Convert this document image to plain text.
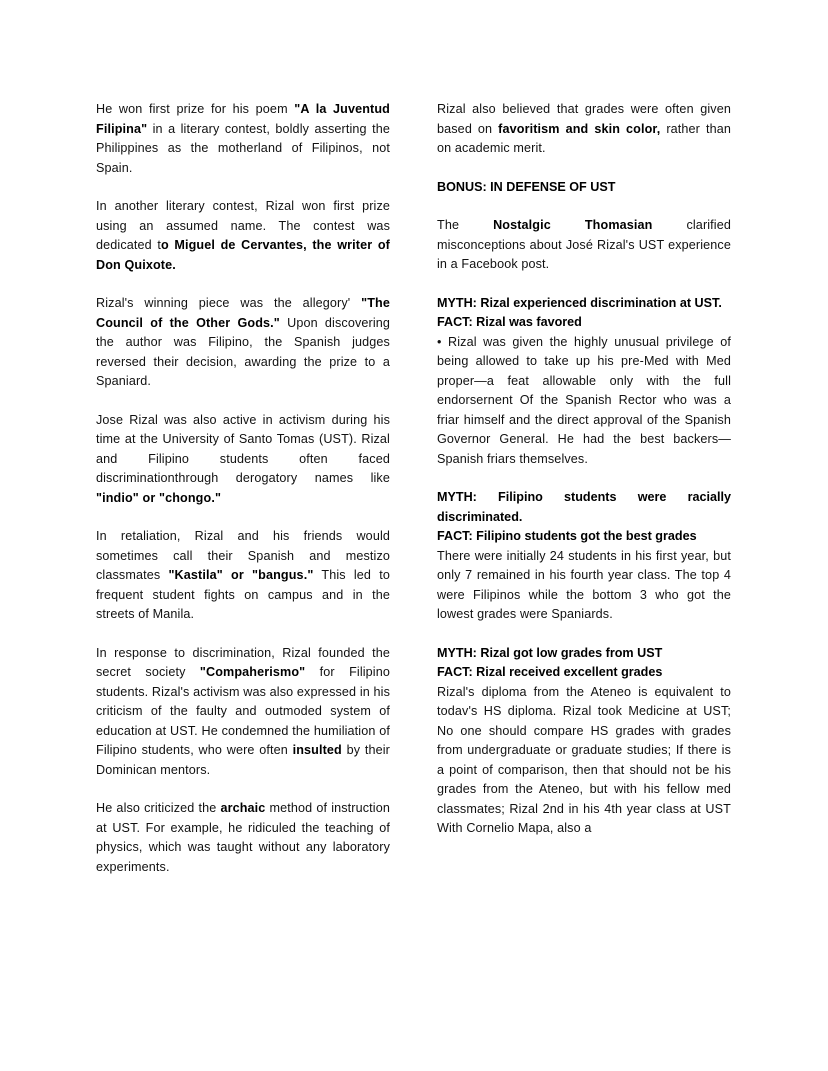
He won first prize for his poem "A la Juventud Filipina" in a literary contest, boldly asserting the Philippines as the motherland of Filipinos, not Spain.

In another literary contest, Rizal won first prize using an assumed name. The contest was dedicated to Miguel de Cervantes, the writer of Don Quixote.

Rizal's winning piece was the allegory' "The Council of the Other Gods." Upon discovering the author was Filipino, the Spanish judges reversed their decision, awarding the prize to a Spaniard.

Jose Rizal was also active in activism during his time at the University of Santo Tomas (UST). Rizal and Filipino students often faced discriminationthrough derogatory names like "indio" or "chongo."

In retaliation, Rizal and his friends would sometimes call their Spanish and mestizo classmates "Kastila" or "bangus." This led to frequent student fights on campus and in the streets of Manila.

In response to discrimination, Rizal founded the secret society "Compaherismo" for Filipino students. Rizal's activism was also expressed in his criticism of the faulty and outmoded system of education at UST. He condemned the humiliation of Filipino students, who were often insulted by their Dominican mentors.

He also criticized the archaic method of instruction at UST. For example, he ridiculed the teaching of physics, which was taught without any laboratory experiments.

Rizal also believed that grades were often given based on favoritism and skin color, rather than on academic merit.

BONUS: IN DEFENSE OF UST

The Nostalgic Thomasian clarified misconceptions about José Rizal's UST experience in a Facebook post.

MYTH: Rizal experienced discrimination at UST.
FACT: Rizal was favored

• Rizal was given the highly unusual privilege of being allowed to take up his pre-Med with Med proper—a feat allowable only with the full endorsernent Of the Spanish Rector who was a friar himself and the direct approval of the Spanish Governor General. He had the best backers—Spanish friars themselves.

MYTH: Filipino students were racially discriminated.
FACT: Filipino students got the best grades

There were initially 24 students in his first year, but only 7 remained in his fourth year class. The top 4 were Filipinos while the bottom 3 who got the lowest grades were Spaniards.

MYTH: Rizal got low grades from UST
FACT: Rizal received excellent grades

Rizal's diploma from the Ateneo is equivalent to todav's HS diploma. Rizal took Medicine at UST; No one should compare HS grades with grades from undergraduate or graduate studies; If there is a point of comparison, then that should not be his grades from the Ateneo, but with his fellow med classmates; Rizal 2nd in his 4th year class at UST With Cornelio Mapa, also a
